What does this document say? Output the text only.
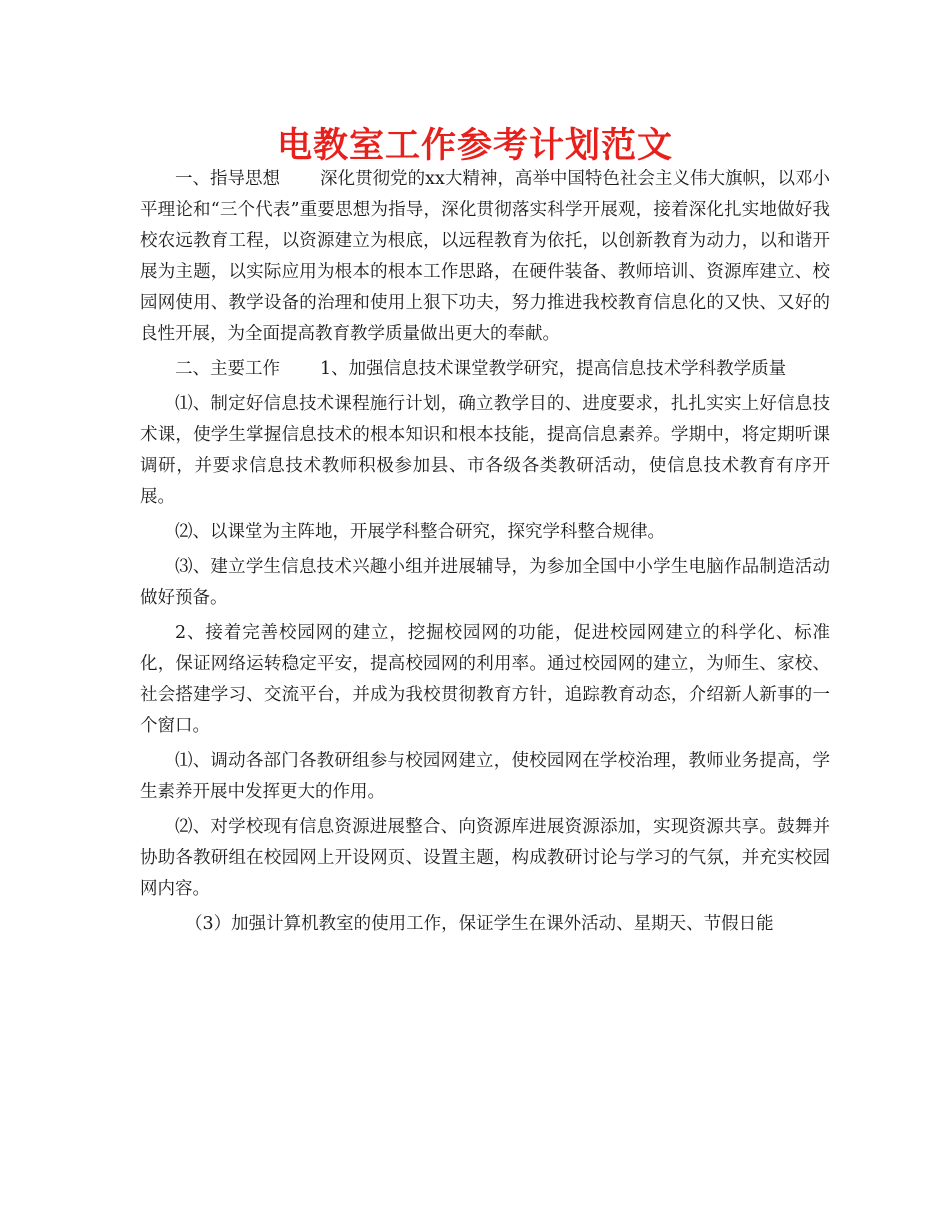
电教室工作参考计划范文

一、指导思想 深化贯彻党的xx大精神，高举中国特色社会主义伟大旗帜，以邓小平理论和“三个代表”重要思想为指导，深化贯彻落实科学开展观，接着深化扎实地做好我校农远教育工程，以资源建立为根底，以远程教育为依托，以创新教育为动力，以和谐开展为主题，以实际应用为根本的根本工作思路，在硬件装备、教师培训、资源库建立、校园网使用、教学设备的治理和使用上狠下功夫，努力推进我校教育信息化的又快、又好的良性开展，为全面提高教育教学质量做出更大的奉献。

二、主要工作 1、加强信息技术课堂教学研究，提高信息技术学科教学质量

⑴、制定好信息技术课程施行计划，确立教学目的、进度要求，扎扎实实上好信息技术课，使学生掌握信息技术的根本知识和根本技能，提高信息素养。学期中，将定期听课调研，并要求信息技术教师积极参加县、市各级各类教研活动，使信息技术教育有序开展。

⑵、以课堂为主阵地，开展学科整合研究，探究学科整合规律。

⑶、建立学生信息技术兴趣小组并进展辅导，为参加全国中小学生电脑作品制造活动做好预备。

2、接着完善校园网的建立，挖掘校园网的功能，促进校园网建立的科学化、标准化，保证网络运转稳定平安，提高校园网的利用率。通过校园网的建立，为师生、家校、社会搭建学习、交流平台，并成为我校贯彻教育方针，追踪教育动态，介绍新人新事的一个窗口。

⑴、调动各部门各教研组参与校园网建立，使校园网在学校治理，教师业务提高，学生素养开展中发挥更大的作用。

⑵、对学校现有信息资源进展整合、向资源库进展资源添加，实现资源共享。鼓舞并协助各教研组在校园网上开设网页、设置主题，构成教研讨论与学习的气氛，并充实校园网内容。

（3）加强计算机教室的使用工作，保证学生在课外活动、星期天、节假日能
